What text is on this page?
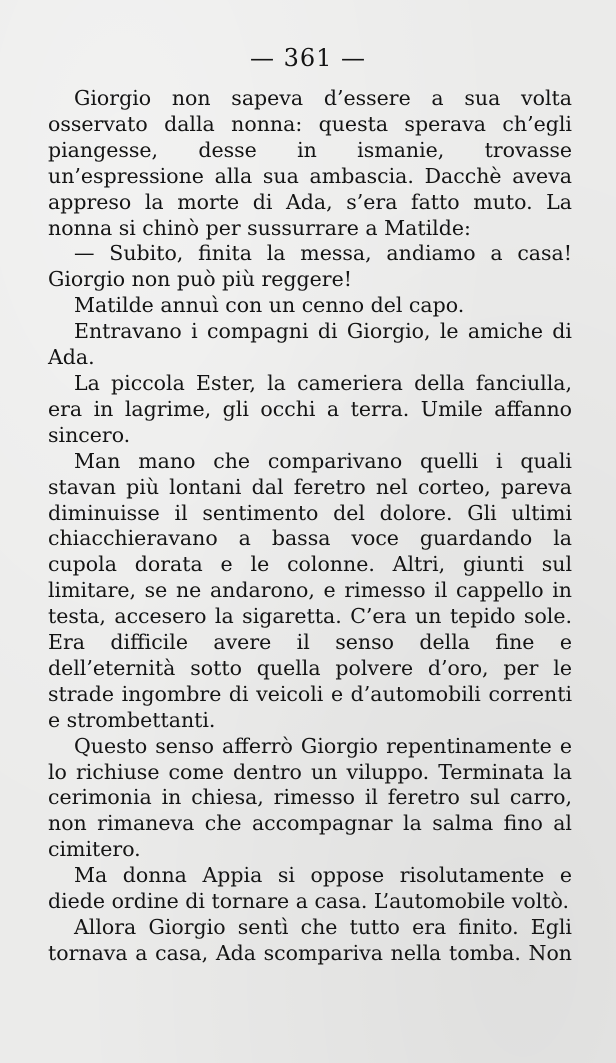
— 361 —

Giorgio non sapeva d’essere a sua volta osservato dalla nonna: questa sperava ch’egli piangesse, desse in ismanie, trovasse un’espressione alla sua ambascia. Dacchè aveva appreso la morte di Ada, s’era fatto muto. La nonna si chinò per sussurrare a Matilde:

— Subito, finita la messa, andiamo a casa! Giorgio non può più reggere!

Matilde annuì con un cenno del capo.

Entravano i compagni di Giorgio, le amiche di Ada.

La piccola Ester, la cameriera della fanciulla, era in lagrime, gli occhi a terra. Umile affanno sincero.

Man mano che comparivano quelli i quali stavan più lontani dal feretro nel corteo, pareva diminuisse il sentimento del dolore. Gli ultimi chiacchieravano a bassa voce guardando la cupola dorata e le colonne. Altri, giunti sul limitare, se ne andarono, e rimesso il cappello in testa, accesero la sigaretta. C’era un tepido sole. Era difficile avere il senso della fine e dell’eternità sotto quella polvere d’oro, per le strade ingombre di veicoli e d’automobili correnti e strombettanti.

Questo senso afferrò Giorgio repentinamente e lo richiuse come dentro un viluppo. Terminata la cerimonia in chiesa, rimesso il feretro sul carro, non rimaneva che accompagnar la salma fino al cimitero.

Ma donna Appia si oppose risolutamente e diede ordine di tornare a casa. L’automobile voltò.

Allora Giorgio sentì che tutto era finito. Egli tornava a casa, Ada scompariva nella tomba. Non
